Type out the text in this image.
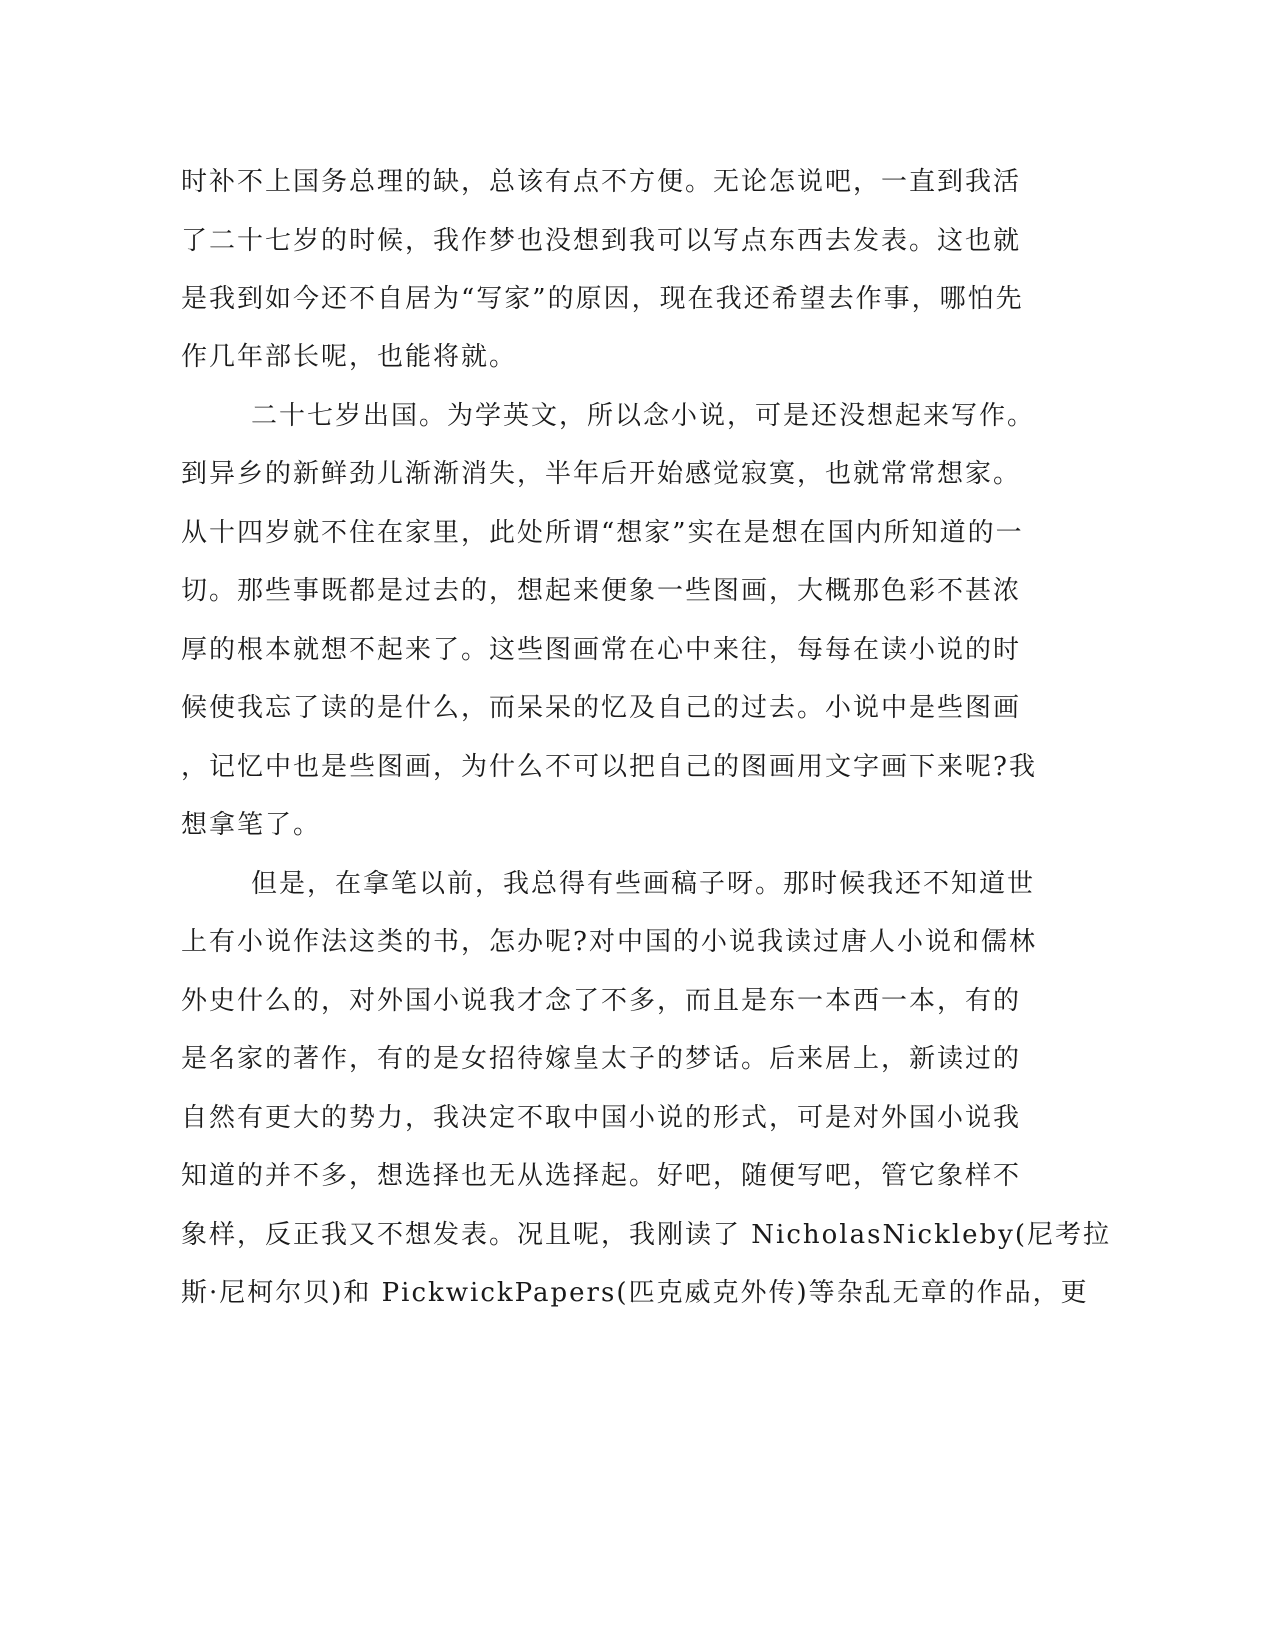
时补不上国务总理的缺，总该有点不方便。无论怎说吧，一直到我活
了二十七岁的时候，我作梦也没想到我可以写点东西去发表。这也就
是我到如今还不自居为“写家”的原因，现在我还希望去作事，哪怕先
作几年部长呢，也能将就。
二十七岁出国。为学英文，所以念小说，可是还没想起来写作。
到异乡的新鲜劲儿渐渐消失，半年后开始感觉寂寞，也就常常想家。
从十四岁就不住在家里，此处所谓“想家”实在是想在国内所知道的一
切。那些事既都是过去的，想起来便象一些图画，大概那色彩不甚浓
厚的根本就想不起来了。这些图画常在心中来往，每每在读小说的时
候使我忘了读的是什么，而呆呆的忆及自己的过去。小说中是些图画
，记忆中也是些图画，为什么不可以把自己的图画用文字画下来呢?我
想拿笔了。
但是，在拿笔以前，我总得有些画稿子呀。那时候我还不知道世
上有小说作法这类的书，怎办呢?对中国的小说我读过唐人小说和儒林
外史什么的，对外国小说我才念了不多，而且是东一本西一本，有的
是名家的著作，有的是女招待嫁皇太子的梦话。后来居上，新读过的
自然有更大的势力，我决定不取中国小说的形式，可是对外国小说我
知道的并不多，想选择也无从选择起。好吧，随便写吧，管它象样不
象样，反正我又不想发表。况且呢，我刚读了 NicholasNickleby(尼考拉
斯·尼柯尔贝)和 PickwickPapers(匹克威克外传)等杂乱无章的作品，更
